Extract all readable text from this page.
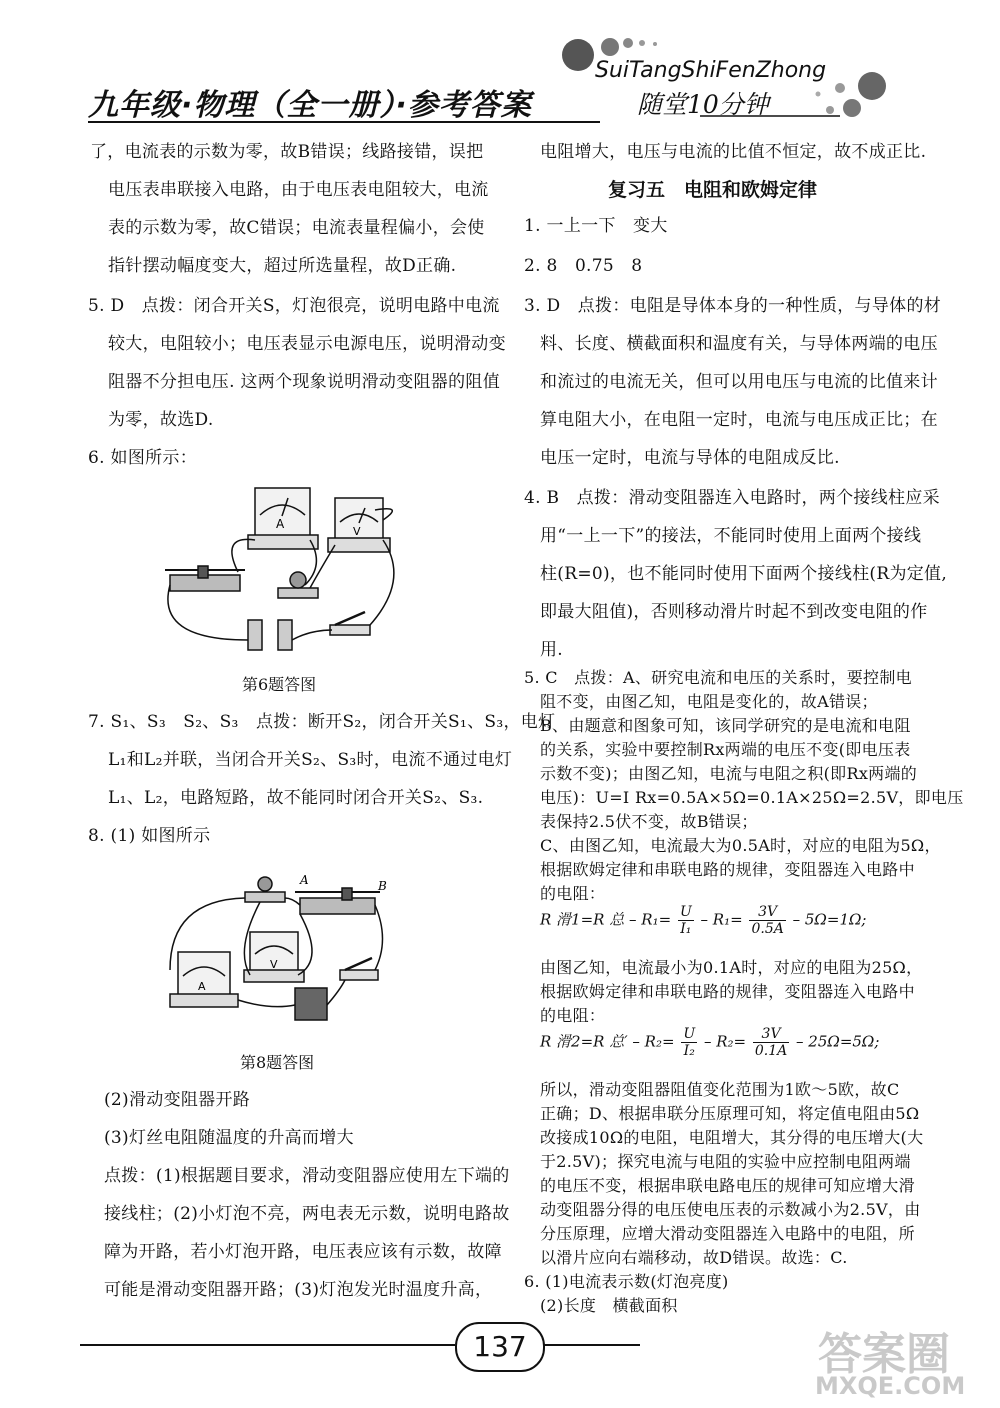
九年级·物理（全一册）·参考答案
SuiTangShiFenZhong
随堂10分钟
了，电流表的示数为零，故B错误；线路接错，误把
电压表串联接入电路，由于电压表电阻较大，电流
表的示数为零，故C错误；电流表量程偏小，会使
指针摆动幅度变大，超过所选量程，故D正确.
5. D　点拨：闭合开关S，灯泡很亮，说明电路中电流
较大，电阻较小；电压表显示电源电压，说明滑动变
阻器不分担电压. 这两个现象说明滑动变阻器的阻值
为零，故选D.
6. 如图所示：
A
V
第6题答图
7. S₁、S₃　S₂、S₃　点拨：断开S₂，闭合开关S₁、S₃，电灯
L₁和L₂并联，当闭合开关S₂、S₃时，电流不通过电灯
L₁、L₂，电路短路，故不能同时闭合开关S₂、S₃.
8. (1) 如图所示
A	B
A
V
第8题答图
(2)滑动变阻器开路
(3)灯丝电阻随温度的升高而增大
点拨：(1)根据题目要求，滑动变阻器应使用左下端的
接线柱；(2)小灯泡不亮，两电表无示数，说明电路故
障为开路，若小灯泡开路，电压表应该有示数，故障
可能是滑动变阻器开路；(3)灯泡发光时温度升高，
电阻增大，电压与电流的比值不恒定，故不成正比.
复习五　电阻和欧姆定律
1. 一上一下　变大
2. 8　0.75　8
3. D　点拨：电阻是导体本身的一种性质，与导体的材
料、长度、横截面积和温度有关，与导体两端的电压
和流过的电流无关，但可以用电压与电流的比值来计
算电阻大小，在电阻一定时，电流与电压成正比；在
电压一定时，电流与导体的电阻成反比.
4. B　点拨：滑动变阻器连入电路时，两个接线柱应采
用“一上一下”的接法，不能同时使用上面两个接线
柱(R=0)，也不能同时使用下面两个接线柱(R为定值,
即最大阻值)，否则移动滑片时起不到改变电阻的作
用.
5. C　点拨：A、研究电流和电压的关系时，要控制电
阻不变，由图乙知，电阻是变化的，故A错误；
B、由题意和图象可知，该同学研究的是电流和电阻
的关系，实验中要控制Rx两端的电压不变(即电压表
示数不变)；由图乙知，电流与电阻之积(即Rx两端的
电压)：U=I Rx=0.5A×5Ω=0.1A×25Ω=2.5V，即电压
表保持2.5伏不变，故B错误；
C、由图乙知，电流最大为0.5A时，对应的电阻为5Ω，
根据欧姆定律和串联电路的规律，变阻器连入电路中
的电阻：
R 滑1=R 总 – $R_1= \frac{U}{\text{I₁}} - R_1= \frac{3V}{0.5A} - 5\Omega=1\Omega$;
由图乙知，电流最小为0.1A时，对应的电阻为25Ω，
根据欧姆定律和串联电路的规律，变阻器连入电路中
的电阻：
R 滑2=R 总′ – $R_2= \frac{U}{\text{I₂}} - R_2= \frac{3V}{0.1A} - 25\Omega=5\Omega$;
所以，滑动变阻器阻值变化范围为1欧～5欧，故C
正确；D、根据串联分压原理可知，将定值电阻由5Ω
改接成10Ω的电阻，电阻增大，其分得的电压增大(大
于2.5V)；探究电流与电阻的实验中应控制电阻两端
的电压不变，根据串联电路电压的规律可知应增大滑
动变阻器分得的电压使电压表的示数减小为2.5V，由
分压原理，应增大滑动变阻器连入电路中的电阻，所
以滑片应向右端移动，故D错误。故选：C.
6. (1)电流表示数(灯泡亮度)
(2)长度　横截面积
137	答案圈
MXQE.COM
